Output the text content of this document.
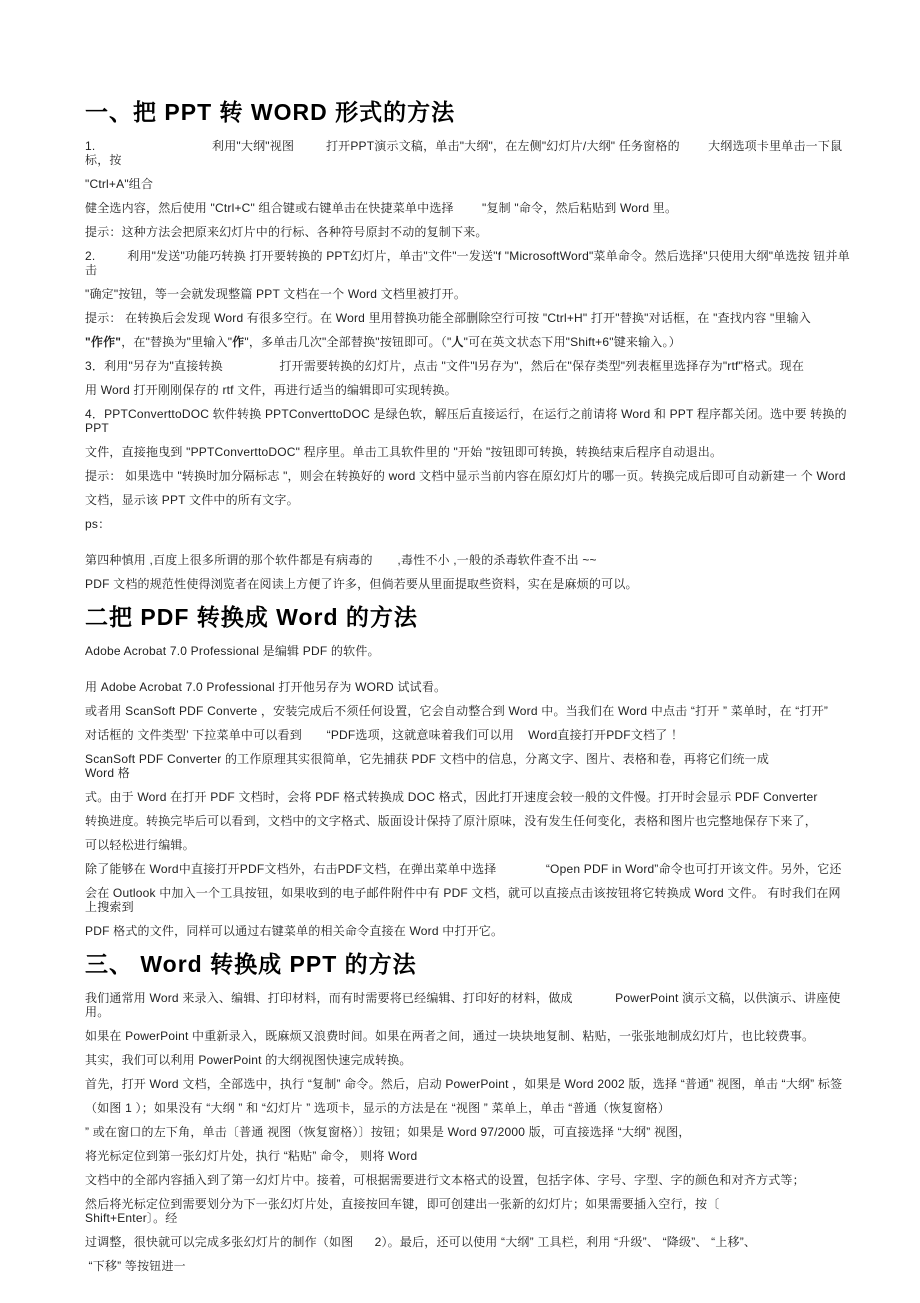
一、把 PPT 转 WORD 形式的方法
1.                                 利用"大纲"视图         打开PPT演示文稿，单击"大纲"，在左侧"幻灯片/大纲" 任务窗格的        大纲选项卡里单击一下鼠标，按
"Ctrl+A"组合
健全选内容，然后使用 "Ctrl+C" 组合键或右键单击在快捷菜单中选择        "复制 "命令，然后粘贴到 Word 里。
提示：这种方法会把原来幻灯片中的行标、各种符号原封不动的复制下来。
2.         利用"发送"功能巧转换 打开要转换的 PPT幻灯片，单击"文件"一发送"f "MicrosoftWord"菜单命令。然后选择"只使用大纲"单选按 钮并单击
"确定"按钮，等一会就发现整篇 PPT 文档在一个 Word 文档里被打开。
提示： 在转换后会发现 Word 有很多空行。在 Word 里用替换功能全部删除空行可按 "Ctrl+H" 打开"替换"对话框，在 "查找内容 "里输入
"作作"，在"替换为"里输入"作"，多单击几次"全部替换"按钮即可。（"人"可在英文状态下用"Shift+6"键来输入。）
3．利用"另存为"直接转换                打开需要转换的幻灯片，点击 "文件"l另存为"，然后在"保存类型"列表框里选择存为"rtf"格式。现在
用 Word 打开刚刚保存的 rtf 文件，再进行适当的编辑即可实现转换。
4．PPTConverttoDOC 软件转换 PPTConverttoDOC 是绿色软，解压后直接运行，在运行之前请将 Word 和 PPT 程序都关闭。选中要 转换的 PPT
文件，直接拖曳到 "PPTConverttoDOC" 程序里。单击工具软件里的 "开始 "按钮即可转换，转换结束后程序自动退出。
提示： 如果选中 "转换时加分隔标志 "，则会在转换好的 word 文档中显示当前内容在原幻灯片的哪一页。转换完成后即可自动新建一 个 Word
文档，显示该 PPT 文件中的所有文字。
ps：
第四种慎用 ,百度上很多所谓的那个软件都是有病毒的       ,毒性不小 ,一般的杀毒软件查不出 ~~
PDF 文档的规范性使得浏览者在阅读上方便了许多，但倘若要从里面提取些资料，实在是麻烦的可以。
二把 PDF 转换成 Word 的方法
Adobe Acrobat 7.0 Professional 是编辑 PDF 的软件。
用 Adobe Acrobat 7.0 Professional 打开他另存为 WORD 试试看。
或者用 ScanSoft PDF Converte ，安装完成后不须任何设置，它会自动整合到 Word 中。当我们在 Word 中点击 “打开 ” 菜单时，在 “打开”
对话框的 文件类型’ 下拉菜单中可以看到       “PDF选项，这就意味着我们可以用    Word直接打开PDF文档了 ！
ScanSoft PDF Converter 的工作原理其实很简单，它先捕获 PDF 文档中的信息，分离文字、图片、表格和卷，再将它们统一成                           Word 格
式。由于 Word 在打开 PDF 文档时，会将 PDF 格式转换成 DOC 格式，因此打开速度会较一般的文件慢。打开时会显示 PDF Converter
转换进度。转换完毕后可以看到，文档中的文字格式、版面设计保持了原汁原味，没有发生任何变化，表格和图片也完整地保存下来了，
可以轻松进行编辑。
除了能够在 Word中直接打开PDF文档外，右击PDF文档，在弹出菜单中选择              “Open PDF in Word”命令也可打开该文件。另外，它还
会在 Outlook 中加入一个工具按钮，如果收到的电子邮件附件中有 PDF 文档，就可以直接点击该按钮将它转换成 Word 文件。 有时我们在网上搜索到
PDF 格式的文件，同样可以通过右键菜单的相关命令直接在 Word 中打开它。
三、 Word 转换成 PPT 的方法
我们通常用 Word 来录入、编辑、打印材料，而有时需要将已经编辑、打印好的材料，做成            PowerPoint 演示文稿，以供演示、讲座使用。
如果在 PowerPoint 中重新录入，既麻烦又浪费时间。如果在两者之间，通过一块块地复制、粘贴，一张张地制成幻灯片，也比较费事。
其实，我们可以利用 PowerPoint 的大纲视图快速完成转换。
首先，打开 Word 文档，全部选中，执行 “复制” 命令。然后，启动 PowerPoint ，如果是 Word 2002 版，选择 “普通” 视图，单击 “大纲” 标签
（如图 1 ）；如果没有 “大纲 ” 和 “幻灯片 ” 选项卡，显示的方法是在 “视图 ” 菜单上，单击 “普通（恢复窗格）
” 或在窗口的左下角，单击〔普通 视图（恢复窗格）〕按钮；如果是 Word 97/2000 版，可直接选择 “大纲” 视图，
将光标定位到第一张幻灯片处，执行 “粘贴” 命令， 则将 Word
文档中的全部内容插入到了第一幻灯片中。接着，可根据需要进行文本格式的设置，包括字体、字号、字型、字的颜色和对齐方式等；
然后将光标定位到需要划分为下一张幻灯片处，直接按回车键，即可创建出一张新的幻灯片；如果需要插入空行，按〔                 Shift+Enter〕。经
过调整，很快就可以完成多张幻灯片的制作（如图      2）。最后，还可以使用 “大纲” 工具栏，利用 “升级”、 “降级”、 “上移”、
“下移” 等按钮进一
